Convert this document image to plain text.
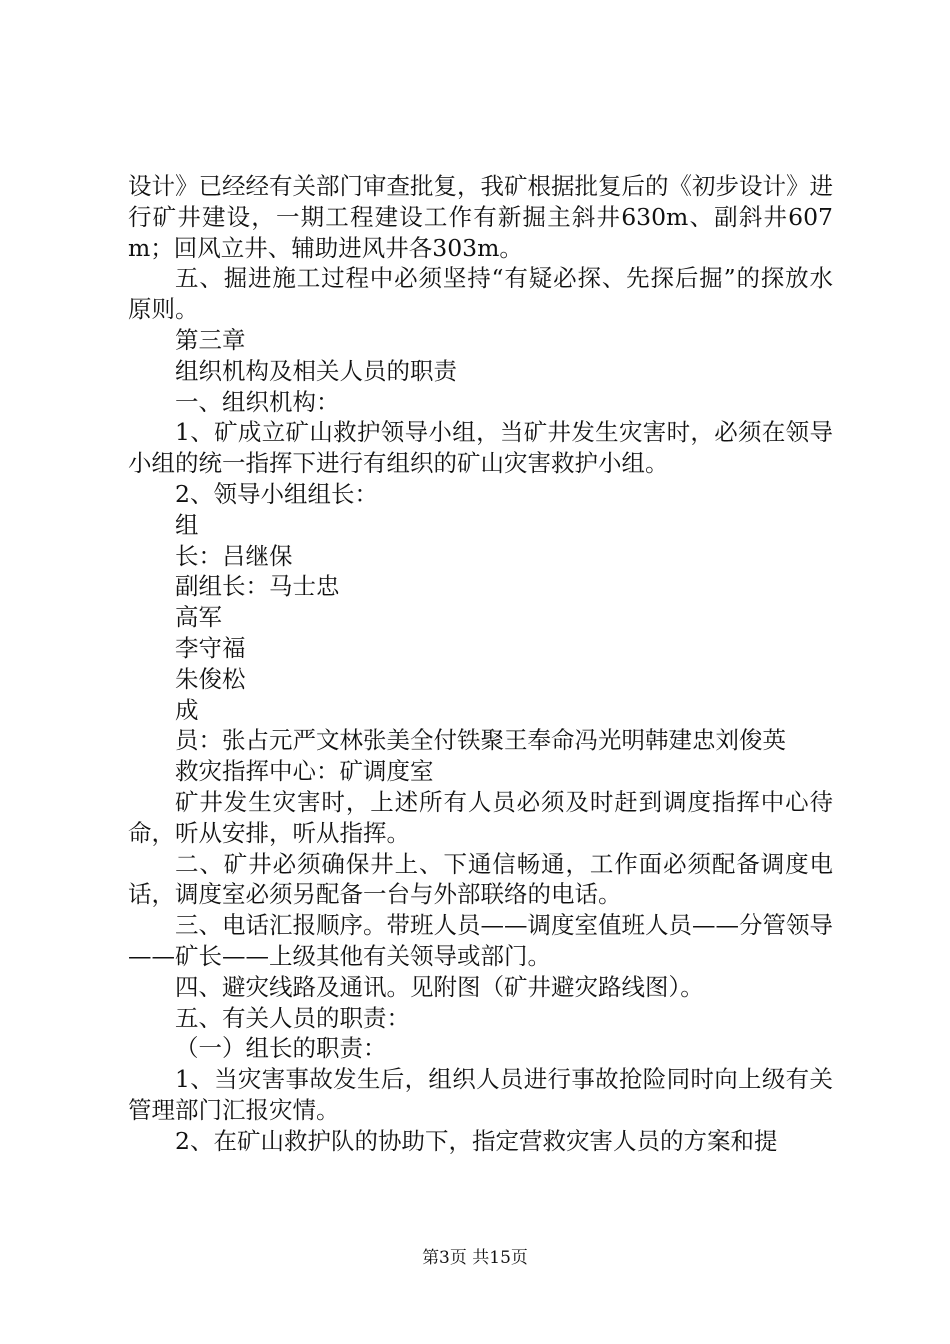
设计》已经经有关部门审查批复，我矿根据批复后的《初步设计》进行矿井建设，一期工程建设工作有新掘主斜井630m、副斜井607m；回风立井、辅助进风井各303m。

五、掘进施工过程中必须坚持“有疑必探、先探后掘”的探放水原则。

第三章

组织机构及相关人员的职责

一、组织机构：

1、矿成立矿山救护领导小组，当矿井发生灾害时，必须在领导小组的统一指挥下进行有组织的矿山灾害救护小组。

2、领导小组组长：

组

长：吕继保

副组长：马士忠

高军

李守福

朱俊松

成

员：张占元严文林张美全付铁聚王奉命冯光明韩建忠刘俊英

救灾指挥中心：矿调度室

矿井发生灾害时，上述所有人员必须及时赶到调度指挥中心待命，听从安排，听从指挥。

二、矿井必须确保井上、下通信畅通，工作面必须配备调度电话，调度室必须另配备一台与外部联络的电话。

三、电话汇报顺序。带班人员——调度室值班人员——分管领导——矿长——上级其他有关领导或部门。

四、避灾线路及通讯。见附图（矿井避灾路线图）。

五、有关人员的职责：

（一）组长的职责：

1、当灾害事故发生后，组织人员进行事故抢险同时向上级有关管理部门汇报灾情。

2、在矿山救护队的协助下，指定营救灾害人员的方案和提

第3页 共15页
